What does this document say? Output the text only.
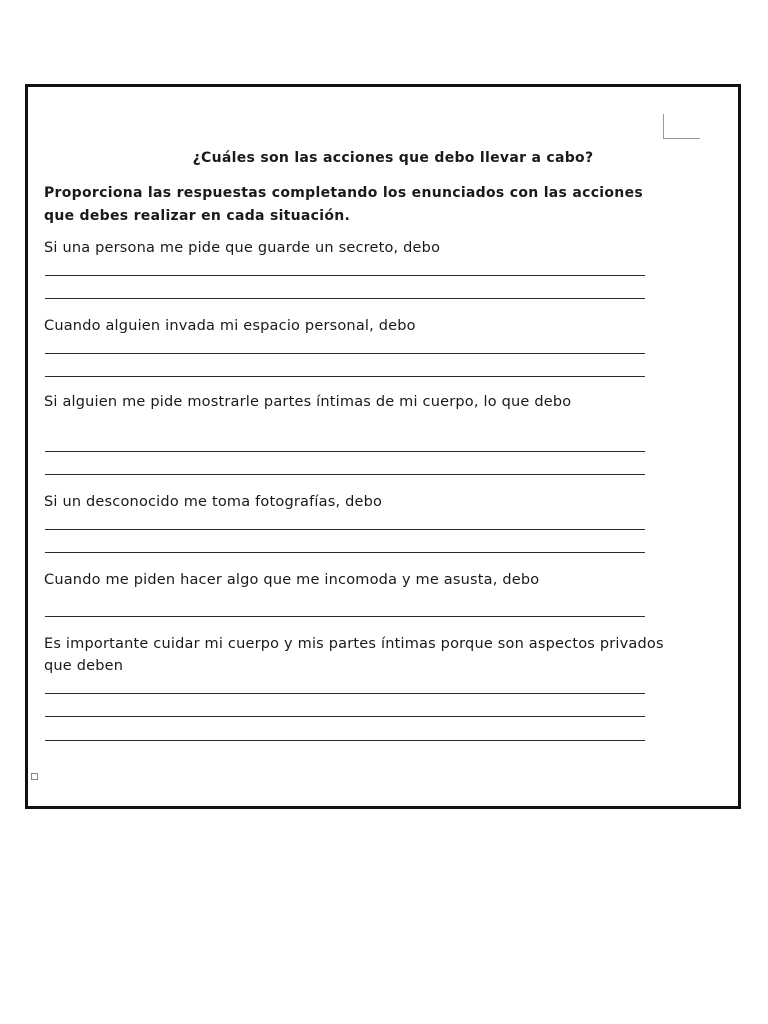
¿Cuáles son las acciones que debo llevar a cabo?
Proporciona las respuestas completando los enunciados con las acciones que debes realizar en cada situación.
Si una persona me pide que guarde un secreto, debo
Cuando alguien invada mi espacio personal, debo
Si alguien me pide mostrarle partes íntimas de mi cuerpo, lo que debo
Si un desconocido me toma fotografías, debo
Cuando me piden hacer algo que me incomoda y me asusta, debo
Es importante cuidar mi cuerpo y mis partes íntimas porque son aspectos privados que deben
